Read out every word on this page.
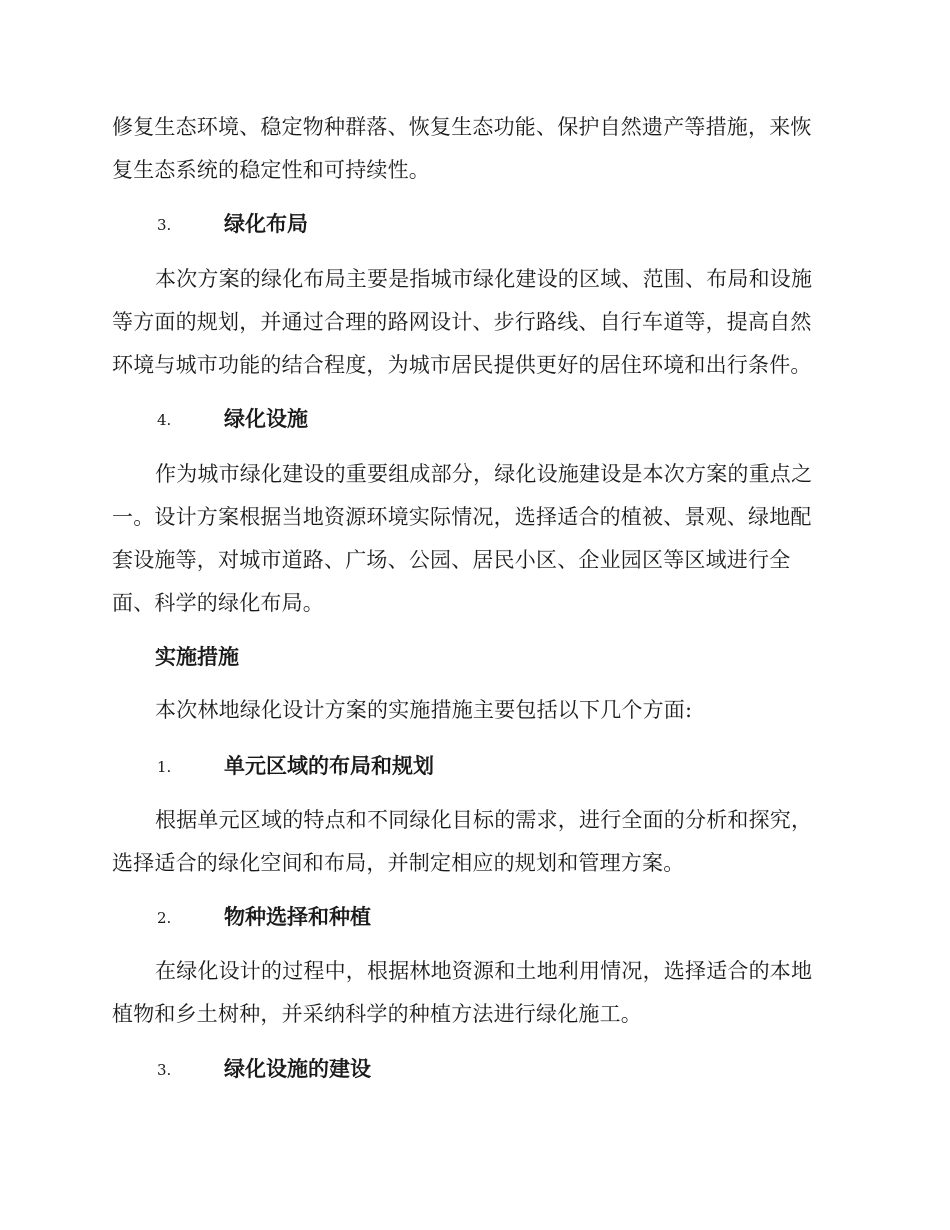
修复生态环境、稳定物种群落、恢复生态功能、保护自然遗产等措施，来恢复生态系统的稳定性和可持续性。

3.	绿化布局

本次方案的绿化布局主要是指城市绿化建设的区域、范围、布局和设施等方面的规划，并通过合理的路网设计、步行路线、自行车道等，提高自然环境与城市功能的结合程度，为城市居民提供更好的居住环境和出行条件。

4.	绿化设施

作为城市绿化建设的重要组成部分，绿化设施建设是本次方案的重点之一。设计方案根据当地资源环境实际情况，选择适合的植被、景观、绿地配套设施等，对城市道路、广场、公园、居民小区、企业园区等区域进行全面、科学的绿化布局。

实施措施

本次林地绿化设计方案的实施措施主要包括以下几个方面:

1.	单元区域的布局和规划

根据单元区域的特点和不同绿化目标的需求，进行全面的分析和探究，选择适合的绿化空间和布局，并制定相应的规划和管理方案。

2.	物种选择和种植

在绿化设计的过程中，根据林地资源和土地利用情况，选择适合的本地植物和乡土树种，并采纳科学的种植方法进行绿化施工。

3.	绿化设施的建设
